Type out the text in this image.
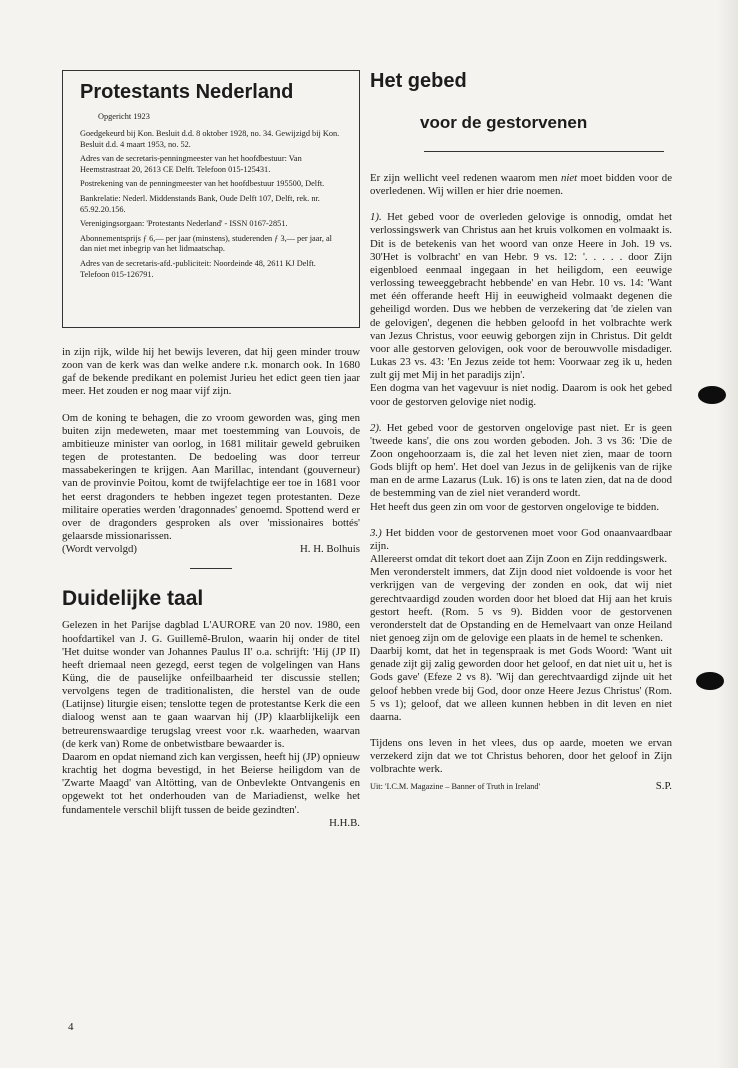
Protestants Nederland
Opgericht 1923

Goedgekeurd bij Kon. Besluit d.d. 8 oktober 1928, no. 34. Gewijzigd bij Kon. Besluit d.d. 4 maart 1953, no. 52.

Adres van de secretaris-penningmeester van het hoofdbestuur: Van Heemstrastraat 20, 2613 CE Delft. Telefoon 015-125431.

Postrekening van de penningmeester van het hoofdbestuur 195500, Delft.

Bankrelatie: Nederl. Middenstands Bank, Oude Delft 107, Delft, rek. nr. 65.92.20.156.

Verenigingsorgaan: 'Protestants Nederland' - ISSN 0167-2851.

Abonnementsprijs ƒ 6,— per jaar (minstens), studerenden ƒ 3,— per jaar, al dan niet met inbegrip van het lidmaatschap.

Adres van de secretaris-afd.-publiciteit: Noordeinde 48, 2611 KJ Delft. Telefoon 015-126791.

in zijn rijk, wilde hij het bewijs leveren, dat hij geen minder trouw zoon van de kerk was dan welke andere r.k. monarch ook. In 1680 gaf de bekende predikant en polemist Jurieu het edict geen tien jaar meer. Het zouden er nog maar vijf zijn.

Om de koning te behagen, die zo vroom geworden was, ging men buiten zijn medeweten, maar met toestemming van Louvois, de ambitieuze minister van oorlog, in 1681 militair geweld gebruiken tegen de protestanten. De bedoeling was door terreur massabekeringen te krijgen. Aan Marillac, intendant (gouverneur) van de provinvie Poitou, komt de twijfelachtige eer toe in 1681 voor het eerst dragonders te hebben ingezet tegen protestanten. Deze militaire operaties werden 'dragonnades' genoemd. Spottend werd er over de dragonders gesproken als over 'missionaires bottés' gelaarsde missionarissen.

(Wordt vervolgd)	H. H. Bolhuis
Duidelijke taal

Gelezen in het Parijse dagblad L'AURORE van 20 nov. 1980, een hoofdartikel van J. G. Guillemê-Brulon, waarin hij onder de titel 'Het duitse wonder van Johannes Paulus II' o.a. schrijft: 'Hij (JP II) heeft driemaal neen gezegd, eerst tegen de volgelingen van Hans Küng, die de pauselijke onfeilbaarheid ter discussie stellen; vervolgens tegen de traditionalisten, die herstel van de oude (Latijnse) liturgie eisen; tenslotte tegen de protestantse Kerk die een dialoog wenst aan te gaan waarvan hij (JP) klaarblijkelijk een betreurenswaardige terugslag vreest voor r.k. waarheden, waarvan (de kerk van) Rome de onbetwistbare bewaarder is.

Daarom en opdat niemand zich kan vergissen, heeft hij (JP) opnieuw krachtig het dogma bevestigd, in het Beierse heiligdom van de 'Zwarte Maagd' van Altötting, van de Onbevlekte Ontvangenis en opgewekt tot het onderhouden van de Mariadienst, welke het fundamentele verschil blijft tussen de beide gezindten'.

H.H.B.
Het gebed
voor de gestorvenen

Er zijn wellicht veel redenen waarom men niet moet bidden voor de overledenen. Wij willen er hier drie noemen.

1). Het gebed voor de overleden gelovige is onnodig, omdat het verlossingswerk van Christus aan het kruis volkomen en volmaakt is. Dit is de betekenis van het woord van onze Heere in Joh. 19 vs. 30'Het is volbracht' en van Hebr. 9 vs. 12: '. . . . . door Zijn eigenbloed eenmaal ingegaan in het heiligdom, een eeuwige verlossing teweeggebracht hebbende' en van Hebr. 10 vs. 14: 'Want met één offerande heeft Hij in eeuwigheid volmaakt degenen die geheiligd worden. Dus we hebben de verzekering dat 'de zielen van de gelovigen', degenen die hebben geloofd in het volbrachte werk van Jezus Christus, voor eeuwig geborgen zijn in Christus. Dit geldt voor alle gestorven gelovigen, ook voor de berouwvolle misdadiger. Lukas 23 vs. 43: 'En Jezus zeide tot hem: Voorwaar zeg ik u, heden zult gij met Mij in het paradijs zijn'.

Een dogma van het vagevuur is niet nodig. Daarom is ook het gebed voor de gestorven gelovige niet nodig.

2). Het gebed voor de gestorven ongelovige past niet. Er is geen 'tweede kans', die ons zou worden geboden. Joh. 3 vs 36: 'Die de Zoon ongehoorzaam is, die zal het leven niet zien, maar de toorn Gods blijft op hem'. Het doel van Jezus in de gelijkenis van de rijke man en de arme Lazarus (Luk. 16) is ons te laten zien, dat na de dood de bestemming van de ziel niet veranderd wordt.

Het heeft dus geen zin om voor de gestorven ongelovige te bidden.

3.) Het bidden voor de gestorvenen moet voor God onaanvaardbaar zijn.

Allereerst omdat dit tekort doet aan Zijn Zoon en Zijn reddingswerk.

Men veronderstelt immers, dat Zijn dood niet voldoende is voor het verkrijgen van de vergeving der zonden en ook, dat wij niet gerechtvaardigd zouden worden door het bloed dat Hij aan het kruis gestort heeft. (Rom. 5 vs 9). Bidden voor de gestorvenen veronderstelt dat de Opstanding en de Hemelvaart van onze Heiland niet genoeg zijn om de gelovige een plaats in de hemel te schenken.

Daarbij komt, dat het in tegenspraak is met Gods Woord: 'Want uit genade zijt gij zalig geworden door het geloof, en dat niet uit u, het is Gods gave' (Efeze 2 vs 8). 'Wij dan gerechtvaardigd zijnde uit het geloof hebben vrede bij God, door onze Heere Jezus Christus' (Rom. 5 vs 1); geloof, dat we alleen kunnen hebben in dit leven en niet daarna.

Tijdens ons leven in het vlees, dus op aarde, moeten we ervan verzekerd zijn dat we tot Christus behoren, door het geloof in Zijn volbrachte werk.

Uit: 'I.C.M. Magazine – Banner of Truth in Ireland'	S.P.
4
